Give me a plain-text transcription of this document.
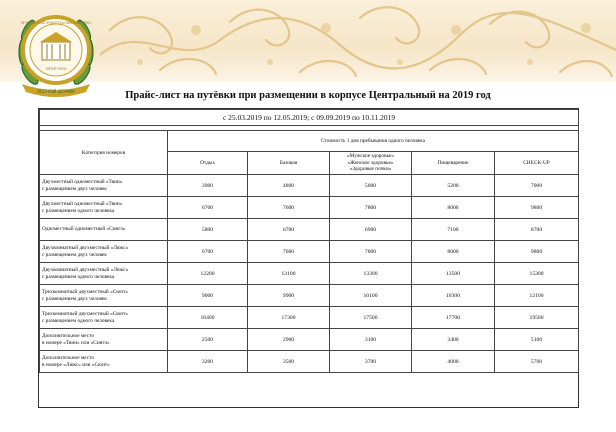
ЛЕСНОЙ ДОМИК
ЛЕЧЕБНО-ОЗДОРОВИТЕЛЬНЫЙ КОМПЛЕКС
ПЯТИГОРСК
Прайс-лист на путёвки при размещении в корпусе Центральный на 2019 год
с 25.03.2019 по 12.05.2019; с 09.09.2019 по 10.11.2019					

Категория номеров	Стоимость 1 дня пребывания одного человека				
	Отдых	Базовая	«Мужское здоровье»
«Женское здоровье»
«Здоровые почки»	Пищеварение	CHECK-UP

Двухместный одноместный «Твин»
с размещением двух человек	3900	4800	5000	5200	7000

Двухместный одноместный «Твин»
с размещением одного человека	6700	7600	7800	8000	9800

Одноместный одноместный «Сингл»	5800	6700	6900	7100	8700

Двухкомнатный двухместный «Люкс»
с размещением двух человек	6700	7600	7800	8000	9800

Двухкомнатный двухместный «Люкс»
с размещением одного человека	12200	13100	13300	13500	15300

Трехкомнатный двухместный «Сюит»
с размещением двух человек	9000	9900	10100	10300	12100

Трехкомнатный двухместный «Сюит»
с размещением одного человека	16400	17300	17500	17700	19500

Дополнительное место
в номере «Твин» или «Сингл»	2500	2900	3100	3400	5100

Дополнительное место
в номере «Люкс» или «Сюит»	3200	3500	3700	4000	5700
